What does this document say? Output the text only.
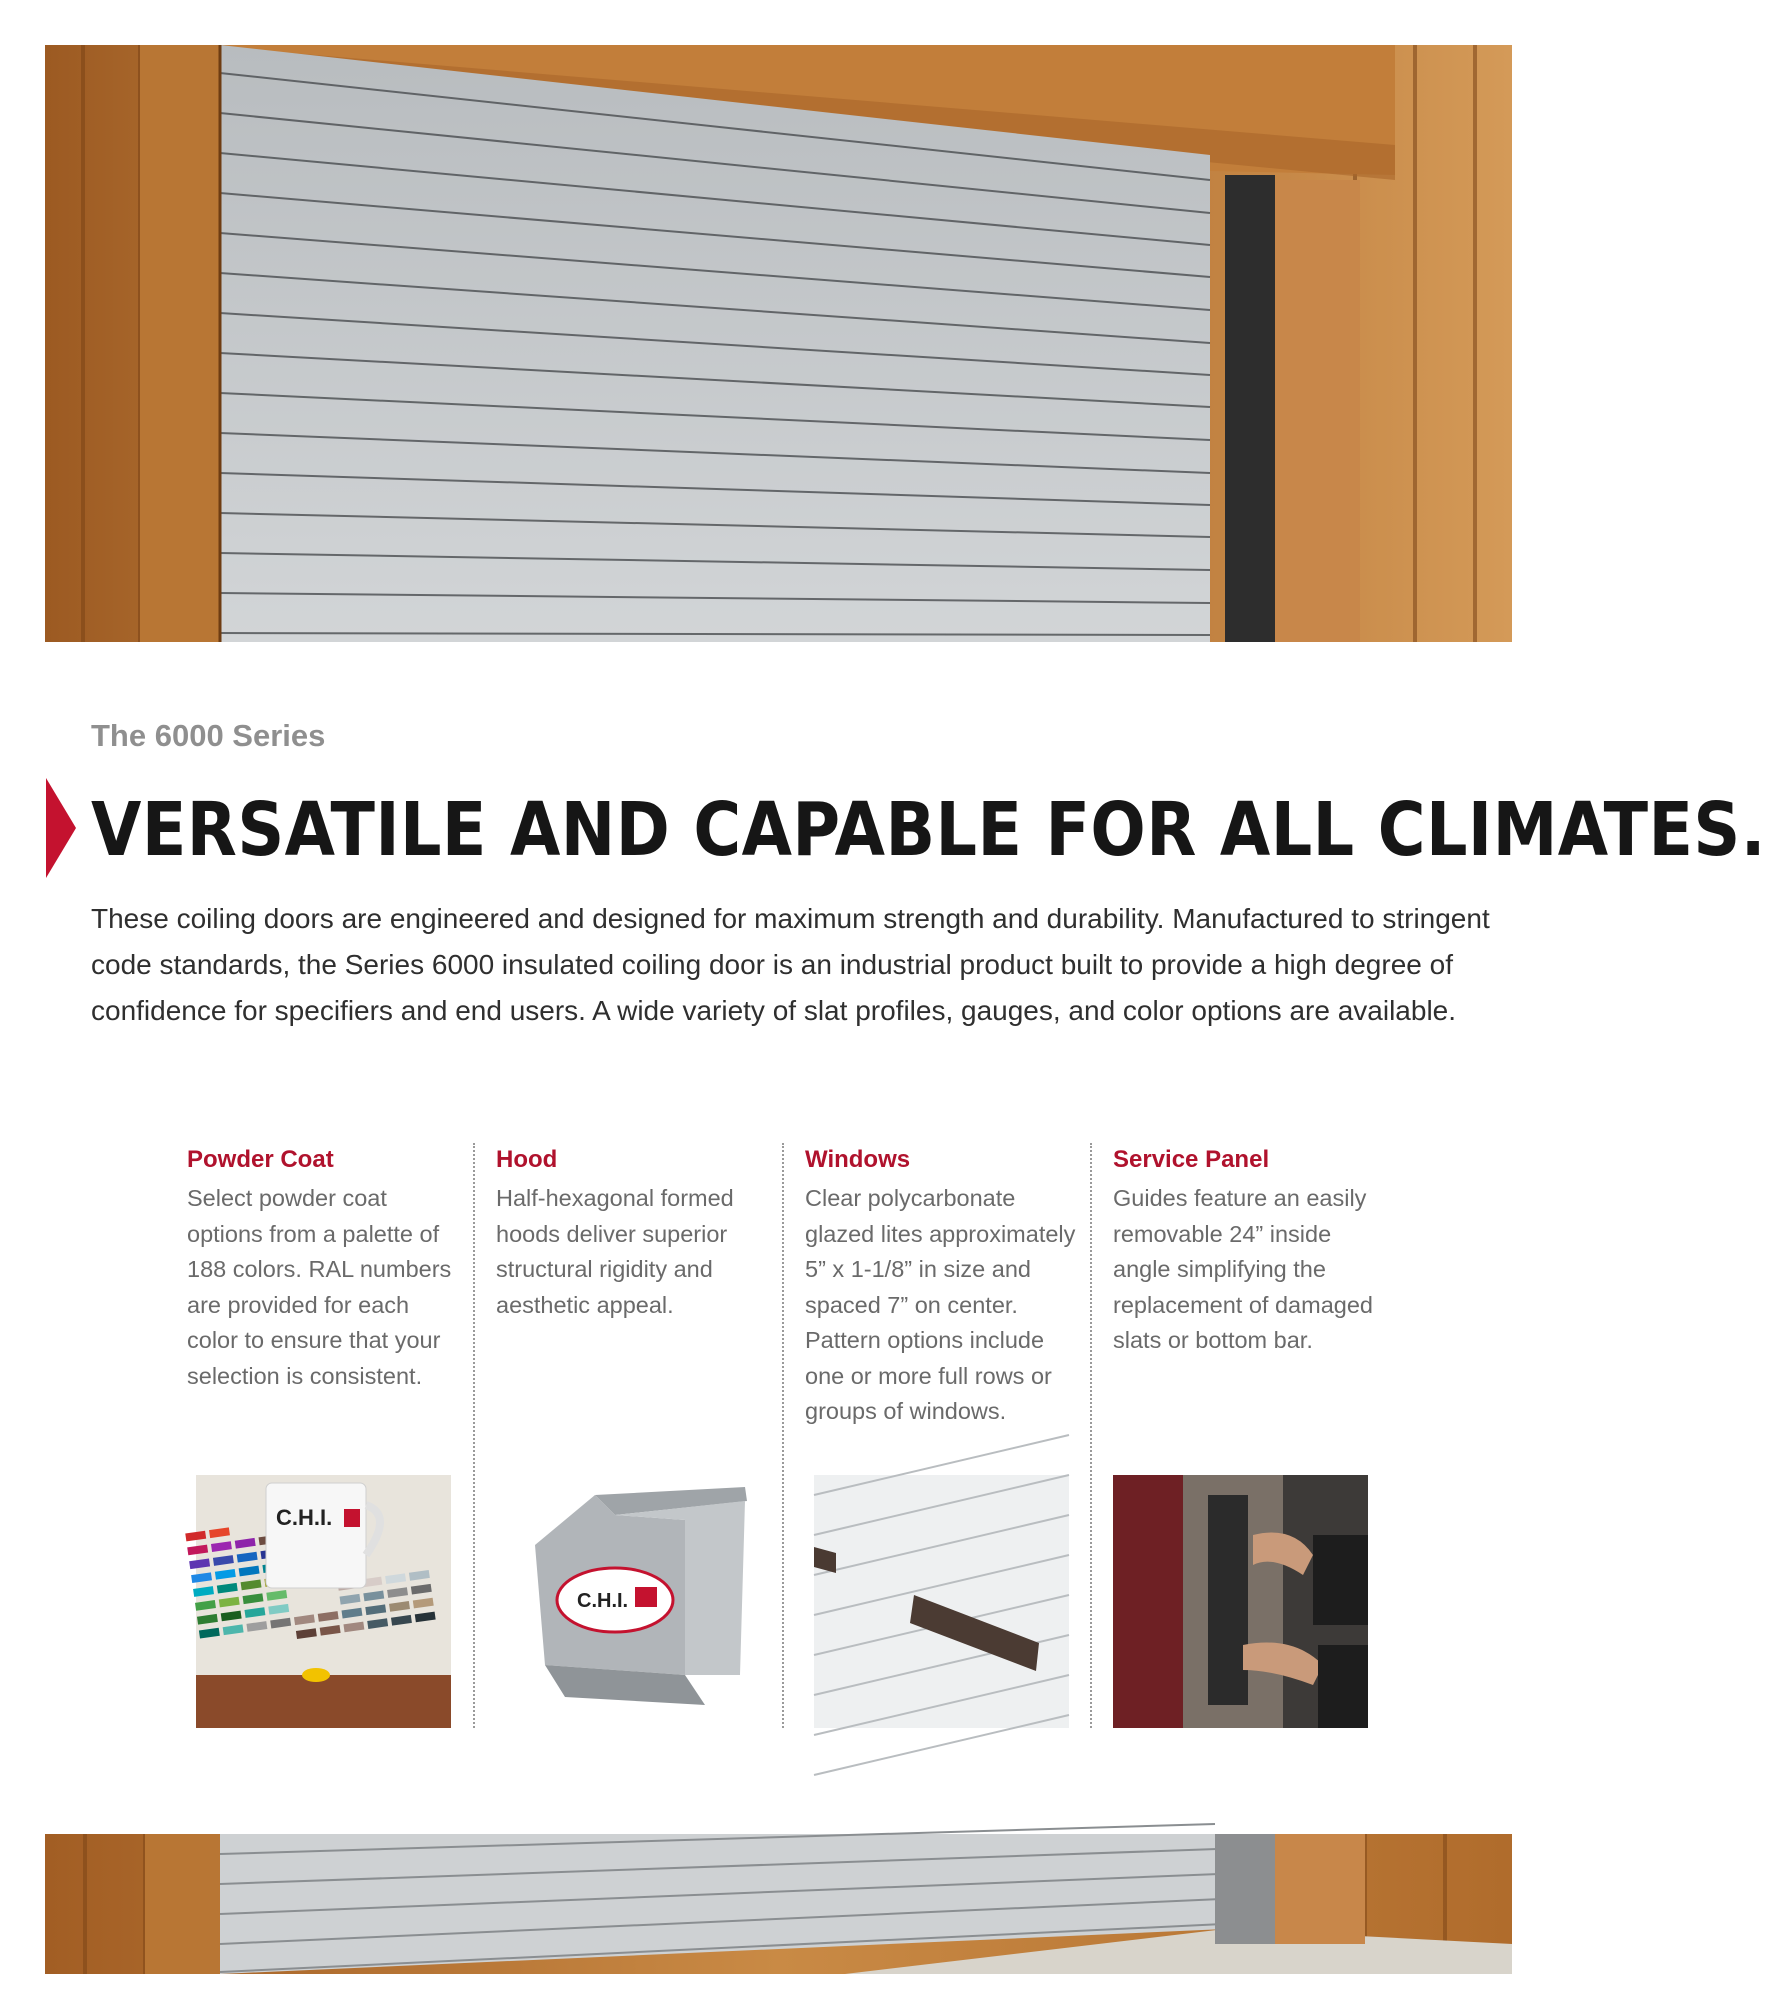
The 6000 Series
VERSATILE AND CAPABLE FOR ALL CLIMATES.
These coiling doors are engineered and designed for maximum strength and durability. Manufactured to stringent code standards, the Series 6000 insulated coiling door is an industrial product built to provide a high degree of confidence for specifiers and end users. A wide variety of slat profiles, gauges, and color options are available.
Powder Coat

Select powder coat options from a palette of 188 colors. RAL numbers are provided for each color to ensure that your selection is consistent.

Hood

Half-hexagonal formed hoods deliver superior structural rigidity and aesthetic appeal.

Windows

Clear polycarbonate glazed lites approximately 5” x 1-1/8” in size and spaced 7” on center. Pattern options include one or more full rows or groups of windows.

Service Panel

Guides feature an easily removable 24” inside angle simplifying the replacement of damaged slats or bottom bar.

C.H.I.
C.H.I.
